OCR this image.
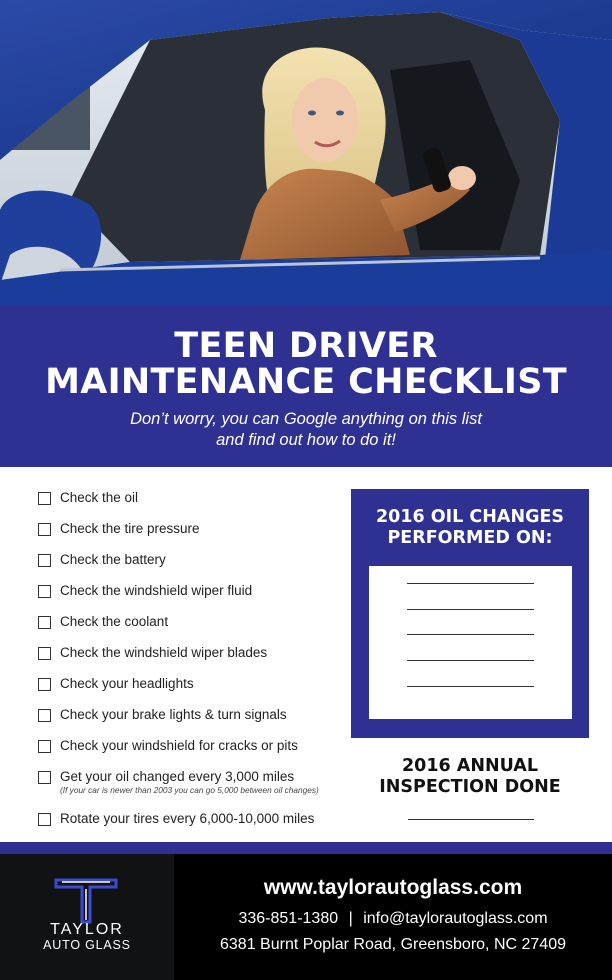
TEEN DRIVER
MAINTENANCE CHECKLIST
Don’t worry, you can Google anything on this list
and find out how to do it!
Check the oil
Check the tire pressure
Check the battery
Check the windshield wiper fluid
Check the coolant
Check the windshield wiper blades
Check your headlights
Check your brake lights & turn signals
Check your windshield for cracks or pits
Get your oil changed every 3,000 miles
(If your car is newer than 2003 you can go 5,000 between oil changes)
Rotate your tires every 6,000-10,000 miles
2016 OIL CHANGES
PERFORMED ON:
2016 ANNUAL
INSPECTION DONE
TAYLOR
AUTO GLASS
www.taylorautoglass.com
336-851-1380 | info@taylorautoglass.com
6381 Burnt Poplar Road, Greensboro, NC 27409
